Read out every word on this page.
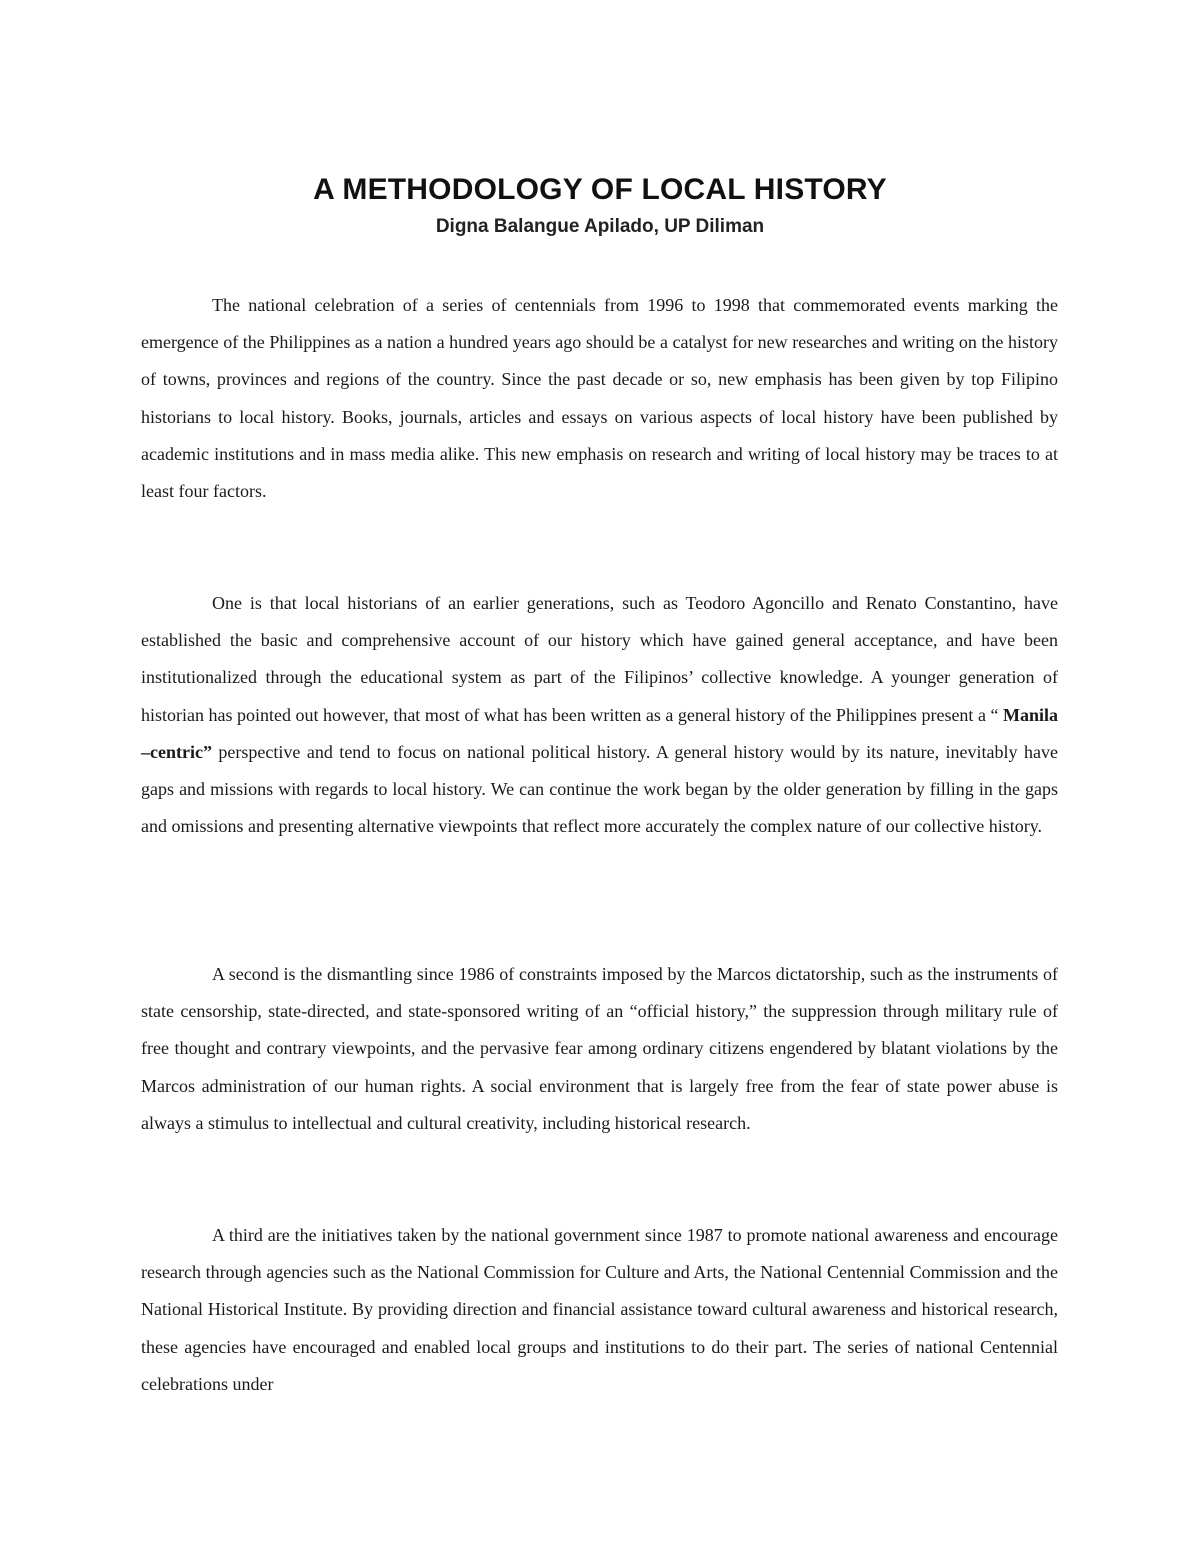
A METHODOLOGY OF LOCAL HISTORY
Digna Balangue Apilado, UP Diliman

The national celebration of a series of centennials from 1996 to 1998 that commemorated events marking the emergence of the Philippines as a nation a hundred years ago should be a catalyst for new researches and writing on the history of towns, provinces and regions of the country. Since the past decade or so, new emphasis has been given by top Filipino historians to local history. Books, journals, articles and essays on various aspects of local history have been published by academic institutions and in mass media alike. This new emphasis on research and writing of local history may be traces to at least four factors.

One is that local historians of an earlier generations, such as Teodoro Agoncillo and Renato Constantino, have established the basic and comprehensive account of our history which have gained general acceptance, and have been institutionalized through the educational system as part of the Filipinos’ collective knowledge. A younger generation of historian has pointed out however, that most of what has been written as a general history of the Philippines present a “ Manila –centric” perspective and tend to focus on national political history. A general history would by its nature, inevitably have gaps and missions with regards to local history. We can continue the work began by the older generation by filling in the gaps and omissions and presenting alternative viewpoints that reflect more accurately the complex nature of our collective history.

A second is the dismantling since 1986 of constraints imposed by the Marcos dictatorship, such as the instruments of state censorship, state-directed, and state-sponsored writing of an “official history,” the suppression through military rule of free thought and contrary viewpoints, and the pervasive fear among ordinary citizens engendered by blatant violations by the Marcos administration of our human rights. A social environment that is largely free from the fear of state power abuse is always a stimulus to intellectual and cultural creativity, including historical research.

A third are the initiatives taken by the national government since 1987 to promote national awareness and encourage research through agencies such as the National Commission for Culture and Arts, the National Centennial Commission and the National Historical Institute. By providing direction and financial assistance toward cultural awareness and historical research, these agencies have encouraged and enabled local groups and institutions to do their part. The series of national Centennial celebrations under
